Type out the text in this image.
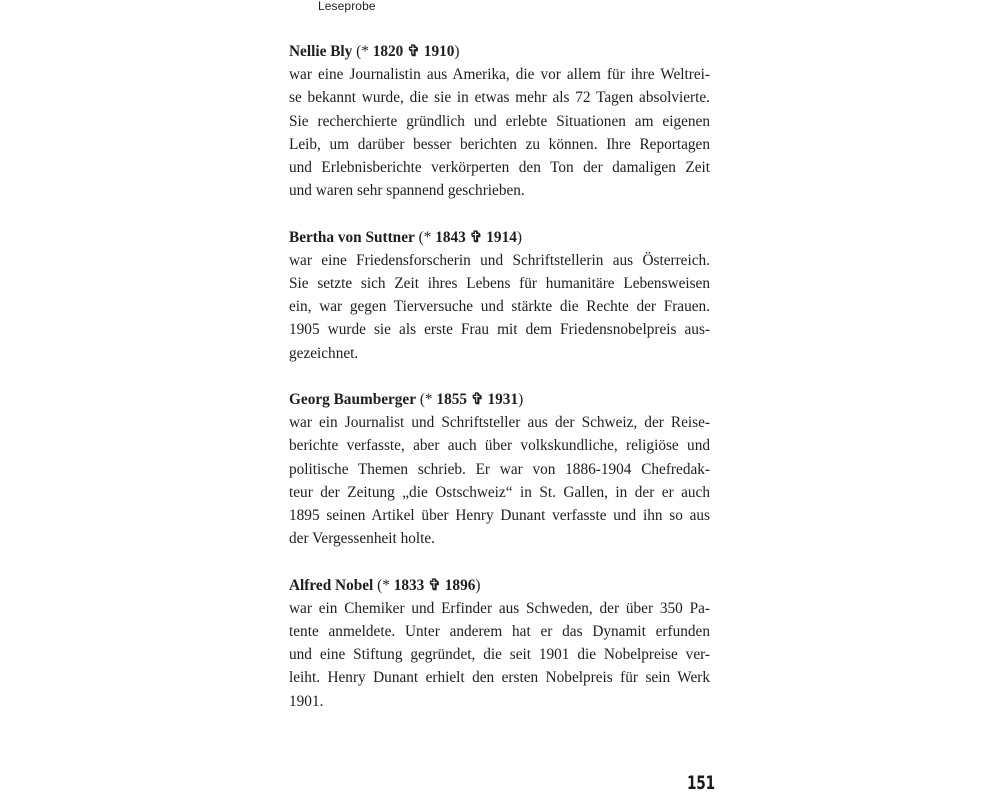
Leseprobe

Nellie Bly (* 1820 ✞ 1910)

war eine Journalistin aus Amerika, die vor allem für ihre Weltrei-
se bekannt wurde, die sie in etwas mehr als 72 Tagen absolvierte.
Sie recherchierte gründlich und erlebte Situationen am eigenen
Leib, um darüber besser berichten zu können. Ihre Reportagen
und Erlebnisberichte verkörperten den Ton der damaligen Zeit
und waren sehr spannend geschrieben.

Bertha von Suttner (* 1843 ✞ 1914)

war eine Friedensforscherin und Schriftstellerin aus Österreich.
Sie setzte sich Zeit ihres Lebens für humanitäre Lebensweisen
ein, war gegen Tierversuche und stärkte die Rechte der Frauen.
1905 wurde sie als erste Frau mit dem Friedensnobelpreis aus-
gezeichnet.

Georg Baumberger (* 1855 ✞ 1931)

war ein Journalist und Schriftsteller aus der Schweiz, der Reise-
berichte verfasste, aber auch über volkskundliche, religiöse und
politische Themen schrieb. Er war von 1886-1904 Chefredak-
teur der Zeitung „die Ostschweiz“ in St. Gallen, in der er auch
1895 seinen Artikel über Henry Dunant verfasste und ihn so aus
der Vergessenheit holte.

Alfred Nobel (* 1833 ✞ 1896)

war ein Chemiker und Erfinder aus Schweden, der über 350 Pa-
tente anmeldete. Unter anderem hat er das Dynamit erfunden
und eine Stiftung gegründet, die seit 1901 die Nobelpreise ver-
leiht. Henry Dunant erhielt den ersten Nobelpreis für sein Werk
1901.

151
